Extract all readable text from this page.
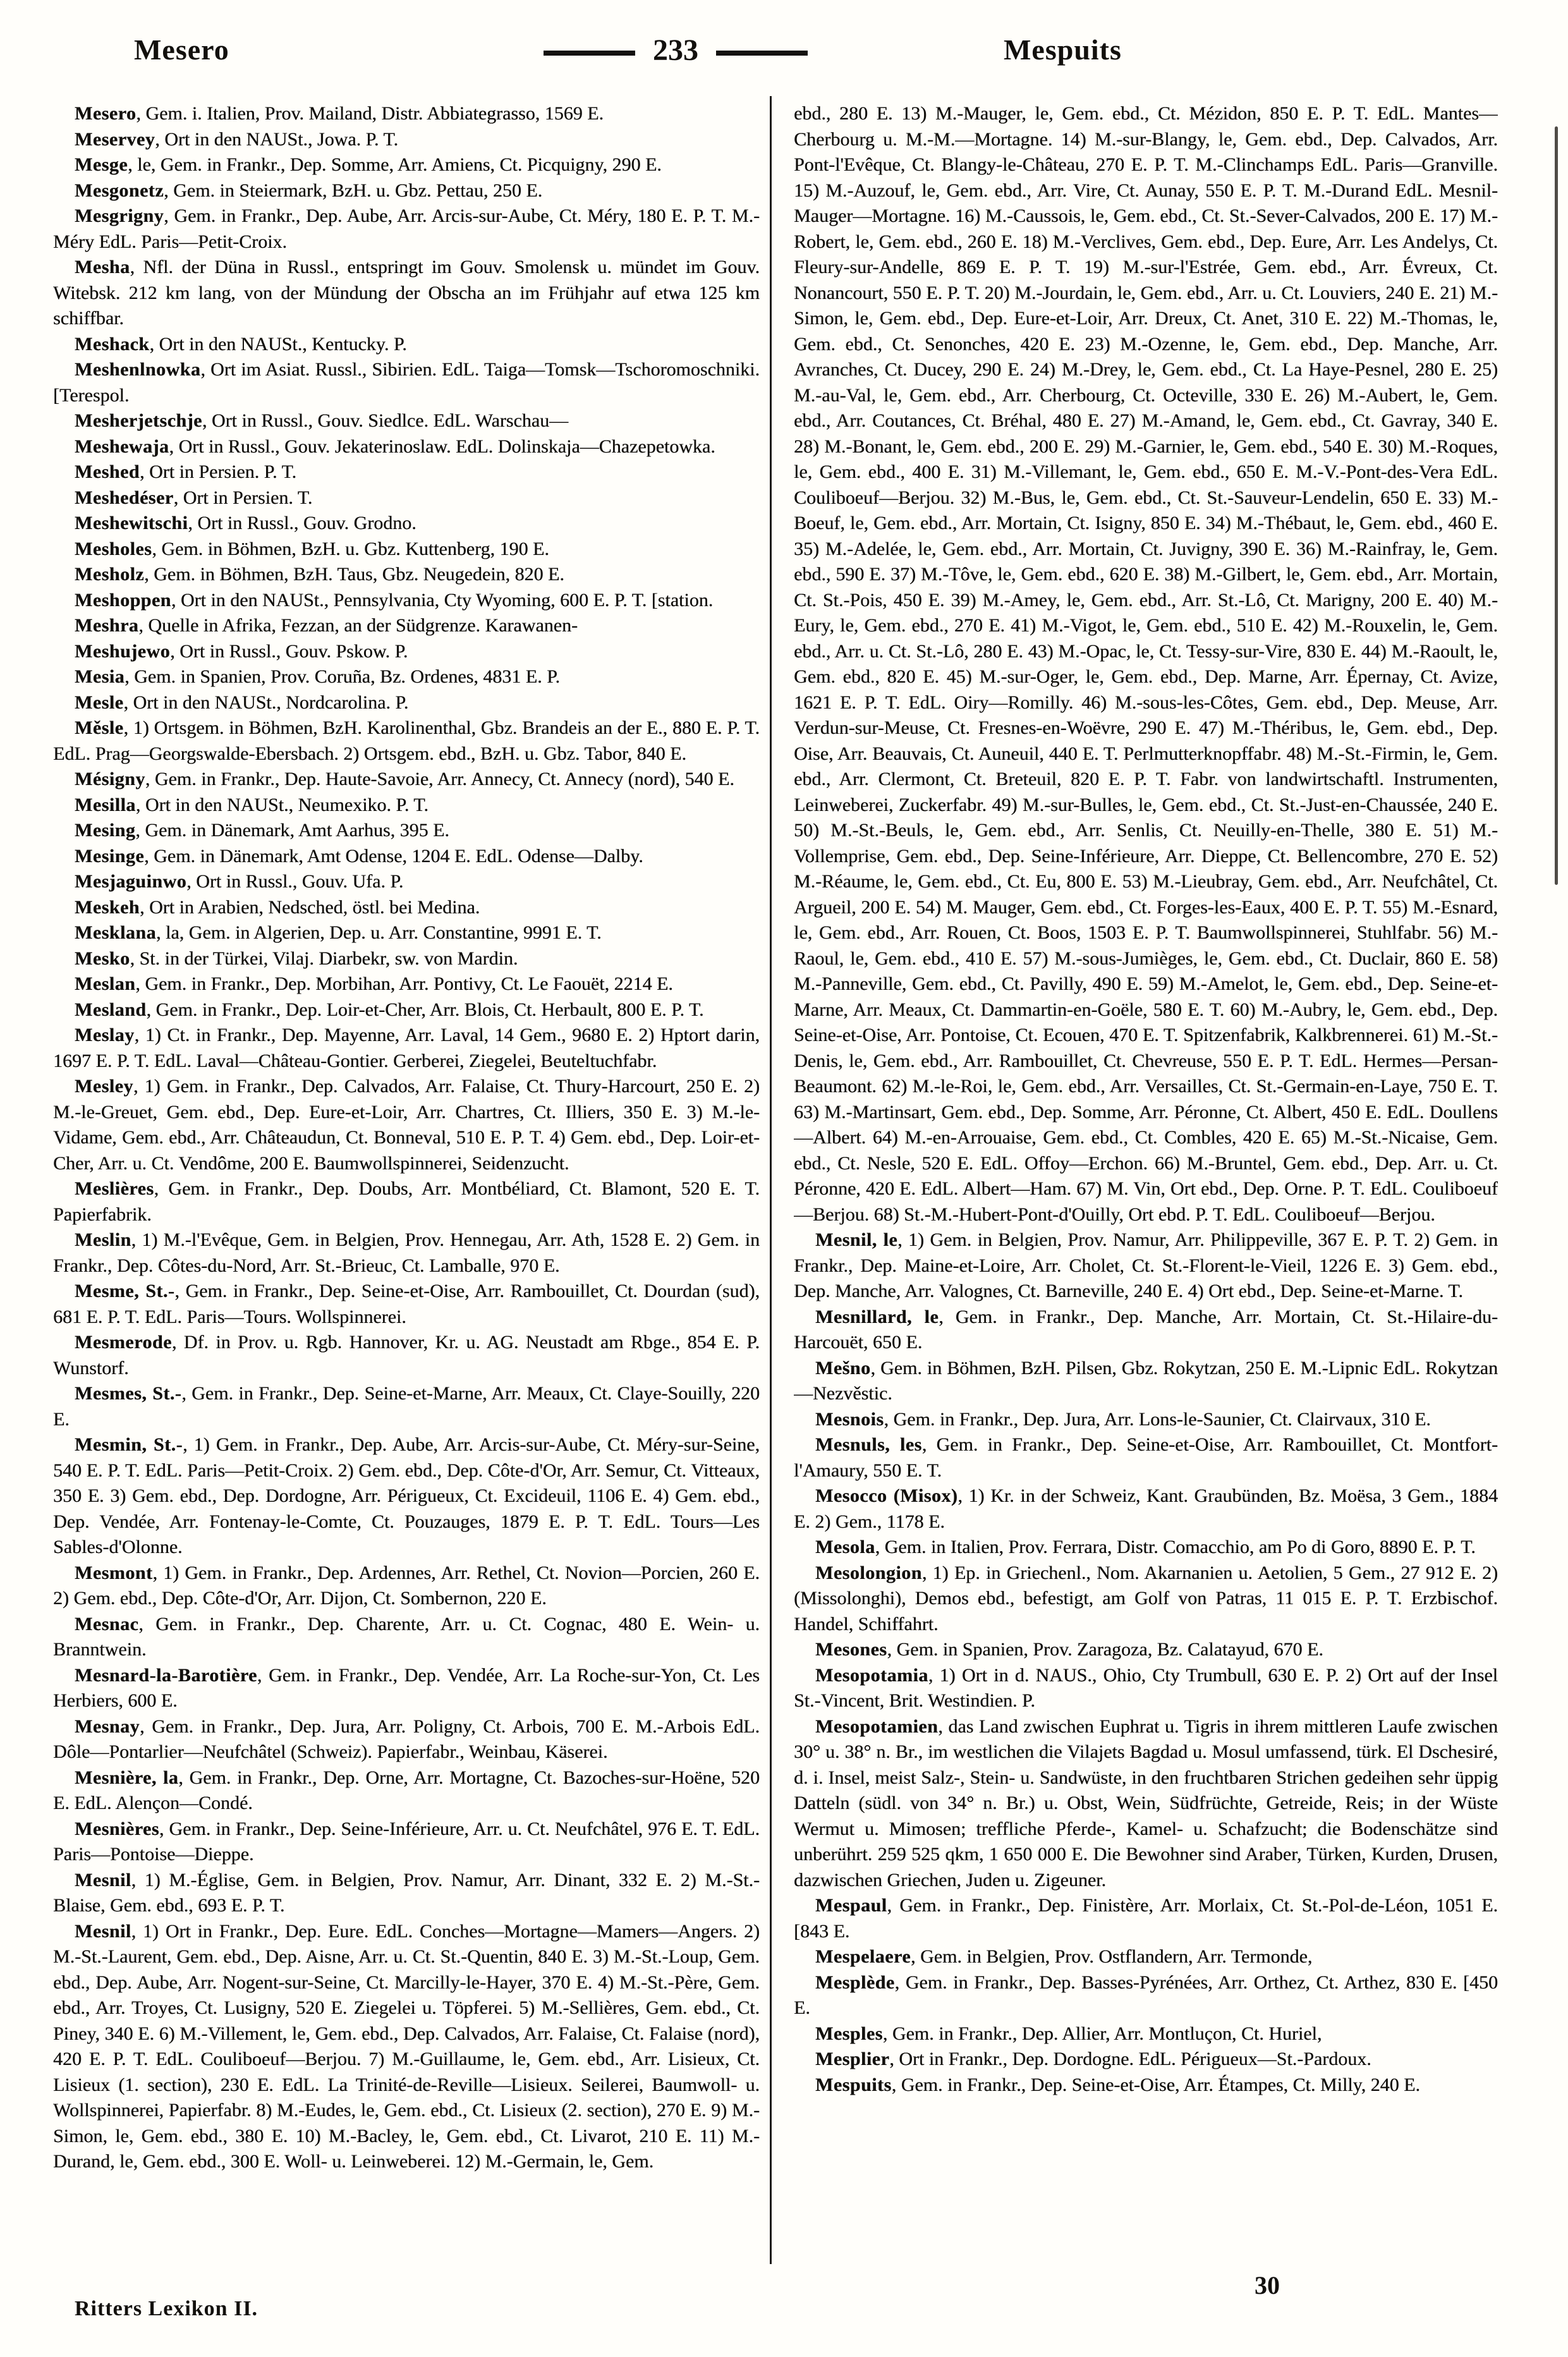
Mesero	233	Mespuits

Mesero, Gem. i. Italien, Prov. Mailand, Distr. Abbiategrasso, 1569 E.

Meservey, Ort in den NAUSt., Jowa. P. T.

Mesge, le, Gem. in Frankr., Dep. Somme, Arr. Amiens, Ct. Picquigny, 290 E.

Mesgonetz, Gem. in Steiermark, BzH. u. Gbz. Pettau, 250 E.

Mesgrigny, Gem. in Frankr., Dep. Aube, Arr. Arcis-sur-Aube, Ct. Méry, 180 E. P. T. M.-Méry EdL. Paris—Petit-Croix.

Mesha, Nfl. der Düna in Russl., entspringt im Gouv. Smolensk u. mündet im Gouv. Witebsk. 212 km lang, von der Mündung der Obscha an im Frühjahr auf etwa 125 km schiffbar.

Meshack, Ort in den NAUSt., Kentucky. P.

Meshenlnowka, Ort im Asiat. Russl., Sibirien. EdL. Taiga—Tomsk—Tschoromoschniki. [Terespol.

Mesherjetschje, Ort in Russl., Gouv. Siedlce. EdL. Warschau—

Meshewaja, Ort in Russl., Gouv. Jekaterinoslaw. EdL. Dolinskaja—Chazepetowka.

Meshed, Ort in Persien. P. T.

Meshedéser, Ort in Persien. T.

Meshewitschi, Ort in Russl., Gouv. Grodno.

Mesholes, Gem. in Böhmen, BzH. u. Gbz. Kuttenberg, 190 E.

Mesholz, Gem. in Böhmen, BzH. Taus, Gbz. Neugedein, 820 E.

Meshoppen, Ort in den NAUSt., Pennsylvania, Cty Wyoming, 600 E. P. T. [station.

Meshra, Quelle in Afrika, Fezzan, an der Südgrenze. Karawanen-

Meshujewo, Ort in Russl., Gouv. Pskow. P.

Mesia, Gem. in Spanien, Prov. Coruña, Bz. Ordenes, 4831 E. P.

Mesle, Ort in den NAUSt., Nordcarolina. P.

Měsle, 1) Ortsgem. in Böhmen, BzH. Karolinenthal, Gbz. Brandeis an der E., 880 E. P. T. EdL. Prag—Georgswalde-Ebersbach. 2) Ortsgem. ebd., BzH. u. Gbz. Tabor, 840 E.

Mésigny, Gem. in Frankr., Dep. Haute-Savoie, Arr. Annecy, Ct. Annecy (nord), 540 E.

Mesilla, Ort in den NAUSt., Neumexiko. P. T.

Mesing, Gem. in Dänemark, Amt Aarhus, 395 E.

Mesinge, Gem. in Dänemark, Amt Odense, 1204 E. EdL. Odense—Dalby.

Mesjaguinwo, Ort in Russl., Gouv. Ufa. P.

Meskeh, Ort in Arabien, Nedsched, östl. bei Medina.

Mesklana, la, Gem. in Algerien, Dep. u. Arr. Constantine, 9991 E. T.

Mesko, St. in der Türkei, Vilaj. Diarbekr, sw. von Mardin.

Meslan, Gem. in Frankr., Dep. Morbihan, Arr. Pontivy, Ct. Le Faouët, 2214 E.

Mesland, Gem. in Frankr., Dep. Loir-et-Cher, Arr. Blois, Ct. Herbault, 800 E. P. T.

Meslay, 1) Ct. in Frankr., Dep. Mayenne, Arr. Laval, 14 Gem., 9680 E. 2) Hptort darin, 1697 E. P. T. EdL. Laval—Château-Gontier. Gerberei, Ziegelei, Beuteltuchfabr.

Mesley, 1) Gem. in Frankr., Dep. Calvados, Arr. Falaise, Ct. Thury-Harcourt, 250 E. 2) M.-le-Greuet, Gem. ebd., Dep. Eure-et-Loir, Arr. Chartres, Ct. Illiers, 350 E. 3) M.-le-Vidame, Gem. ebd., Arr. Châteaudun, Ct. Bonneval, 510 E. P. T. 4) Gem. ebd., Dep. Loir-et-Cher, Arr. u. Ct. Vendôme, 200 E. Baumwollspinnerei, Seidenzucht.

Meslières, Gem. in Frankr., Dep. Doubs, Arr. Montbéliard, Ct. Blamont, 520 E. T. Papierfabrik.

Meslin, 1) M.-l'Evêque, Gem. in Belgien, Prov. Hennegau, Arr. Ath, 1528 E. 2) Gem. in Frankr., Dep. Côtes-du-Nord, Arr. St.-Brieuc, Ct. Lamballe, 970 E.

Mesme, St.-, Gem. in Frankr., Dep. Seine-et-Oise, Arr. Rambouillet, Ct. Dourdan (sud), 681 E. P. T. EdL. Paris—Tours. Wollspinnerei.

Mesmerode, Df. in Prov. u. Rgb. Hannover, Kr. u. AG. Neustadt am Rbge., 854 E. P. Wunstorf.

Mesmes, St.-, Gem. in Frankr., Dep. Seine-et-Marne, Arr. Meaux, Ct. Claye-Souilly, 220 E.

Mesmin, St.-, 1) Gem. in Frankr., Dep. Aube, Arr. Arcis-sur-Aube, Ct. Méry-sur-Seine, 540 E. P. T. EdL. Paris—Petit-Croix. 2) Gem. ebd., Dep. Côte-d'Or, Arr. Semur, Ct. Vitteaux, 350 E. 3) Gem. ebd., Dep. Dordogne, Arr. Périgueux, Ct. Excideuil, 1106 E. 4) Gem. ebd., Dep. Vendée, Arr. Fontenay-le-Comte, Ct. Pouzauges, 1879 E. P. T. EdL. Tours—Les Sables-d'Olonne.

Mesmont, 1) Gem. in Frankr., Dep. Ardennes, Arr. Rethel, Ct. Novion—Porcien, 260 E. 2) Gem. ebd., Dep. Côte-d'Or, Arr. Dijon, Ct. Sombernon, 220 E.

Mesnac, Gem. in Frankr., Dep. Charente, Arr. u. Ct. Cognac, 480 E. Wein- u. Branntwein.

Mesnard-la-Barotière, Gem. in Frankr., Dep. Vendée, Arr. La Roche-sur-Yon, Ct. Les Herbiers, 600 E.

Mesnay, Gem. in Frankr., Dep. Jura, Arr. Poligny, Ct. Arbois, 700 E. M.-Arbois EdL. Dôle—Pontarlier—Neufchâtel (Schweiz). Papierfabr., Weinbau, Käserei.

Mesnière, la, Gem. in Frankr., Dep. Orne, Arr. Mortagne, Ct. Bazoches-sur-Hoëne, 520 E. EdL. Alençon—Condé.

Mesnières, Gem. in Frankr., Dep. Seine-Inférieure, Arr. u. Ct. Neufchâtel, 976 E. T. EdL. Paris—Pontoise—Dieppe.

Mesnil, 1) M.-Église, Gem. in Belgien, Prov. Namur, Arr. Dinant, 332 E. 2) M.-St.-Blaise, Gem. ebd., 693 E. P. T.

Mesnil, 1) Ort in Frankr., Dep. Eure. EdL. Conches—Mortagne—Mamers—Angers. 2) M.-St.-Laurent, Gem. ebd., Dep. Aisne, Arr. u. Ct. St.-Quentin, 840 E. 3) M.-St.-Loup, Gem. ebd., Dep. Aube, Arr. Nogent-sur-Seine, Ct. Marcilly-le-Hayer, 370 E. 4) M.-St.-Père, Gem. ebd., Arr. Troyes, Ct. Lusigny, 520 E. Ziegelei u. Töpferei. 5) M.-Sellières, Gem. ebd., Ct. Piney, 340 E. 6) M.-Villement, le, Gem. ebd., Dep. Calvados, Arr. Falaise, Ct. Falaise (nord), 420 E. P. T. EdL. Couliboeuf—Berjou. 7) M.-Guillaume, le, Gem. ebd., Arr. Lisieux, Ct. Lisieux (1. section), 230 E. EdL. La Trinité-de-Reville—Lisieux. Seilerei, Baumwoll- u. Wollspinnerei, Papierfabr. 8) M.-Eudes, le, Gem. ebd., Ct. Lisieux (2. section), 270 E. 9) M.-Simon, le, Gem. ebd., 380 E. 10) M.-Bacley, le, Gem. ebd., Ct. Livarot, 210 E. 11) M.-Durand, le, Gem. ebd., 300 E. Woll- u. Leinweberei. 12) M.-Germain, le, Gem.

ebd., 280 E. 13) M.-Mauger, le, Gem. ebd., Ct. Mézidon, 850 E. P. T. EdL. Mantes—Cherbourg u. M.-M.—Mortagne. 14) M.-sur-Blangy, le, Gem. ebd., Dep. Calvados, Arr. Pont-l'Evêque, Ct. Blangy-le-Château, 270 E. P. T. M.-Clinchamps EdL. Paris—Granville. 15) M.-Auzouf, le, Gem. ebd., Arr. Vire, Ct. Aunay, 550 E. P. T. M.-Durand EdL. Mesnil-Mauger—Mortagne. 16) M.-Caussois, le, Gem. ebd., Ct. St.-Sever-Calvados, 200 E. 17) M.-Robert, le, Gem. ebd., 260 E. 18) M.-Verclives, Gem. ebd., Dep. Eure, Arr. Les Andelys, Ct. Fleury-sur-Andelle, 869 E. P. T. 19) M.-sur-l'Estrée, Gem. ebd., Arr. Évreux, Ct. Nonancourt, 550 E. P. T. 20) M.-Jourdain, le, Gem. ebd., Arr. u. Ct. Louviers, 240 E. 21) M.-Simon, le, Gem. ebd., Dep. Eure-et-Loir, Arr. Dreux, Ct. Anet, 310 E. 22) M.-Thomas, le, Gem. ebd., Ct. Senonches, 420 E. 23) M.-Ozenne, le, Gem. ebd., Dep. Manche, Arr. Avranches, Ct. Ducey, 290 E. 24) M.-Drey, le, Gem. ebd., Ct. La Haye-Pesnel, 280 E. 25) M.-au-Val, le, Gem. ebd., Arr. Cherbourg, Ct. Octeville, 330 E. 26) M.-Aubert, le, Gem. ebd., Arr. Coutances, Ct. Bréhal, 480 E. 27) M.-Amand, le, Gem. ebd., Ct. Gavray, 340 E. 28) M.-Bonant, le, Gem. ebd., 200 E. 29) M.-Garnier, le, Gem. ebd., 540 E. 30) M.-Roques, le, Gem. ebd., 400 E. 31) M.-Villemant, le, Gem. ebd., 650 E. M.-V.-Pont-des-Vera EdL. Couliboeuf—Berjou. 32) M.-Bus, le, Gem. ebd., Ct. St.-Sauveur-Lendelin, 650 E. 33) M.-Boeuf, le, Gem. ebd., Arr. Mortain, Ct. Isigny, 850 E. 34) M.-Thébaut, le, Gem. ebd., 460 E. 35) M.-Adelée, le, Gem. ebd., Arr. Mortain, Ct. Juvigny, 390 E. 36) M.-Rainfray, le, Gem. ebd., 590 E. 37) M.-Tôve, le, Gem. ebd., 620 E. 38) M.-Gilbert, le, Gem. ebd., Arr. Mortain, Ct. St.-Pois, 450 E. 39) M.-Amey, le, Gem. ebd., Arr. St.-Lô, Ct. Marigny, 200 E. 40) M.-Eury, le, Gem. ebd., 270 E. 41) M.-Vigot, le, Gem. ebd., 510 E. 42) M.-Rouxelin, le, Gem. ebd., Arr. u. Ct. St.-Lô, 280 E. 43) M.-Opac, le, Ct. Tessy-sur-Vire, 830 E. 44) M.-Raoult, le, Gem. ebd., 820 E. 45) M.-sur-Oger, le, Gem. ebd., Dep. Marne, Arr. Épernay, Ct. Avize, 1621 E. P. T. EdL. Oiry—Romilly. 46) M.-sous-les-Côtes, Gem. ebd., Dep. Meuse, Arr. Verdun-sur-Meuse, Ct. Fresnes-en-Woëvre, 290 E. 47) M.-Théribus, le, Gem. ebd., Dep. Oise, Arr. Beauvais, Ct. Auneuil, 440 E. T. Perlmutterknopffabr. 48) M.-St.-Firmin, le, Gem. ebd., Arr. Clermont, Ct. Breteuil, 820 E. P. T. Fabr. von landwirtschaftl. Instrumenten, Leinweberei, Zuckerfabr. 49) M.-sur-Bulles, le, Gem. ebd., Ct. St.-Just-en-Chaussée, 240 E. 50) M.-St.-Beuls, le, Gem. ebd., Arr. Senlis, Ct. Neuilly-en-Thelle, 380 E. 51) M.-Vollemprise, Gem. ebd., Dep. Seine-Inférieure, Arr. Dieppe, Ct. Bellencombre, 270 E. 52) M.-Réaume, le, Gem. ebd., Ct. Eu, 800 E. 53) M.-Lieubray, Gem. ebd., Arr. Neufchâtel, Ct. Argueil, 200 E. 54) M. Mauger, Gem. ebd., Ct. Forges-les-Eaux, 400 E. P. T. 55) M.-Esnard, le, Gem. ebd., Arr. Rouen, Ct. Boos, 1503 E. P. T. Baumwollspinnerei, Stuhlfabr. 56) M.-Raoul, le, Gem. ebd., 410 E. 57) M.-sous-Jumièges, le, Gem. ebd., Ct. Duclair, 860 E. 58) M.-Panneville, Gem. ebd., Ct. Pavilly, 490 E. 59) M.-Amelot, le, Gem. ebd., Dep. Seine-et-Marne, Arr. Meaux, Ct. Dammartin-en-Goële, 580 E. T. 60) M.-Aubry, le, Gem. ebd., Dep. Seine-et-Oise, Arr. Pontoise, Ct. Ecouen, 470 E. T. Spitzenfabrik, Kalkbrennerei. 61) M.-St.-Denis, le, Gem. ebd., Arr. Rambouillet, Ct. Chevreuse, 550 E. P. T. EdL. Hermes—Persan-Beaumont. 62) M.-le-Roi, le, Gem. ebd., Arr. Versailles, Ct. St.-Germain-en-Laye, 750 E. T. 63) M.-Martinsart, Gem. ebd., Dep. Somme, Arr. Péronne, Ct. Albert, 450 E. EdL. Doullens—Albert. 64) M.-en-Arrouaise, Gem. ebd., Ct. Combles, 420 E. 65) M.-St.-Nicaise, Gem. ebd., Ct. Nesle, 520 E. EdL. Offoy—Erchon. 66) M.-Bruntel, Gem. ebd., Dep. Arr. u. Ct. Péronne, 420 E. EdL. Albert—Ham. 67) M. Vin, Ort ebd., Dep. Orne. P. T. EdL. Couliboeuf—Berjou. 68) St.-M.-Hubert-Pont-d'Ouilly, Ort ebd. P. T. EdL. Couliboeuf—Berjou.

Mesnil, le, 1) Gem. in Belgien, Prov. Namur, Arr. Philippeville, 367 E. P. T. 2) Gem. in Frankr., Dep. Maine-et-Loire, Arr. Cholet, Ct. St.-Florent-le-Vieil, 1226 E. 3) Gem. ebd., Dep. Manche, Arr. Valognes, Ct. Barneville, 240 E. 4) Ort ebd., Dep. Seine-et-Marne. T.

Mesnillard, le, Gem. in Frankr., Dep. Manche, Arr. Mortain, Ct. St.-Hilaire-du-Harcouët, 650 E.

Mešno, Gem. in Böhmen, BzH. Pilsen, Gbz. Rokytzan, 250 E. M.-Lipnic EdL. Rokytzan—Nezvěstic.

Mesnois, Gem. in Frankr., Dep. Jura, Arr. Lons-le-Saunier, Ct. Clairvaux, 310 E.

Mesnuls, les, Gem. in Frankr., Dep. Seine-et-Oise, Arr. Rambouillet, Ct. Montfort-l'Amaury, 550 E. T.

Mesocco (Misox), 1) Kr. in der Schweiz, Kant. Graubünden, Bz. Moësa, 3 Gem., 1884 E. 2) Gem., 1178 E.

Mesola, Gem. in Italien, Prov. Ferrara, Distr. Comacchio, am Po di Goro, 8890 E. P. T.

Mesolongion, 1) Ep. in Griechenl., Nom. Akarnanien u. Aetolien, 5 Gem., 27 912 E. 2) (Missolonghi), Demos ebd., befestigt, am Golf von Patras, 11 015 E. P. T. Erzbischof. Handel, Schiffahrt.

Mesones, Gem. in Spanien, Prov. Zaragoza, Bz. Calatayud, 670 E.

Mesopotamia, 1) Ort in d. NAUS., Ohio, Cty Trumbull, 630 E. P. 2) Ort auf der Insel St.-Vincent, Brit. Westindien. P.

Mesopotamien, das Land zwischen Euphrat u. Tigris in ihrem mittleren Laufe zwischen 30° u. 38° n. Br., im westlichen die Vilajets Bagdad u. Mosul umfassend, türk. El Dschesiré, d. i. Insel, meist Salz-, Stein- u. Sandwüste, in den fruchtbaren Strichen gedeihen sehr üppig Datteln (südl. von 34° n. Br.) u. Obst, Wein, Südfrüchte, Getreide, Reis; in der Wüste Wermut u. Mimosen; treffliche Pferde-, Kamel- u. Schafzucht; die Bodenschätze sind unberührt. 259 525 qkm, 1 650 000 E. Die Bewohner sind Araber, Türken, Kurden, Drusen, dazwischen Griechen, Juden u. Zigeuner.

Mespaul, Gem. in Frankr., Dep. Finistère, Arr. Morlaix, Ct. St.-Pol-de-Léon, 1051 E. [843 E.

Mespelaere, Gem. in Belgien, Prov. Ostflandern, Arr. Termonde,

Mesplède, Gem. in Frankr., Dep. Basses-Pyrénées, Arr. Orthez, Ct. Arthez, 830 E. [450 E.

Mesples, Gem. in Frankr., Dep. Allier, Arr. Montluçon, Ct. Huriel,

Mesplier, Ort in Frankr., Dep. Dordogne. EdL. Périgueux—St.-Pardoux.

Mespuits, Gem. in Frankr., Dep. Seine-et-Oise, Arr. Étampes, Ct. Milly, 240 E.

Ritters Lexikon II.
30
